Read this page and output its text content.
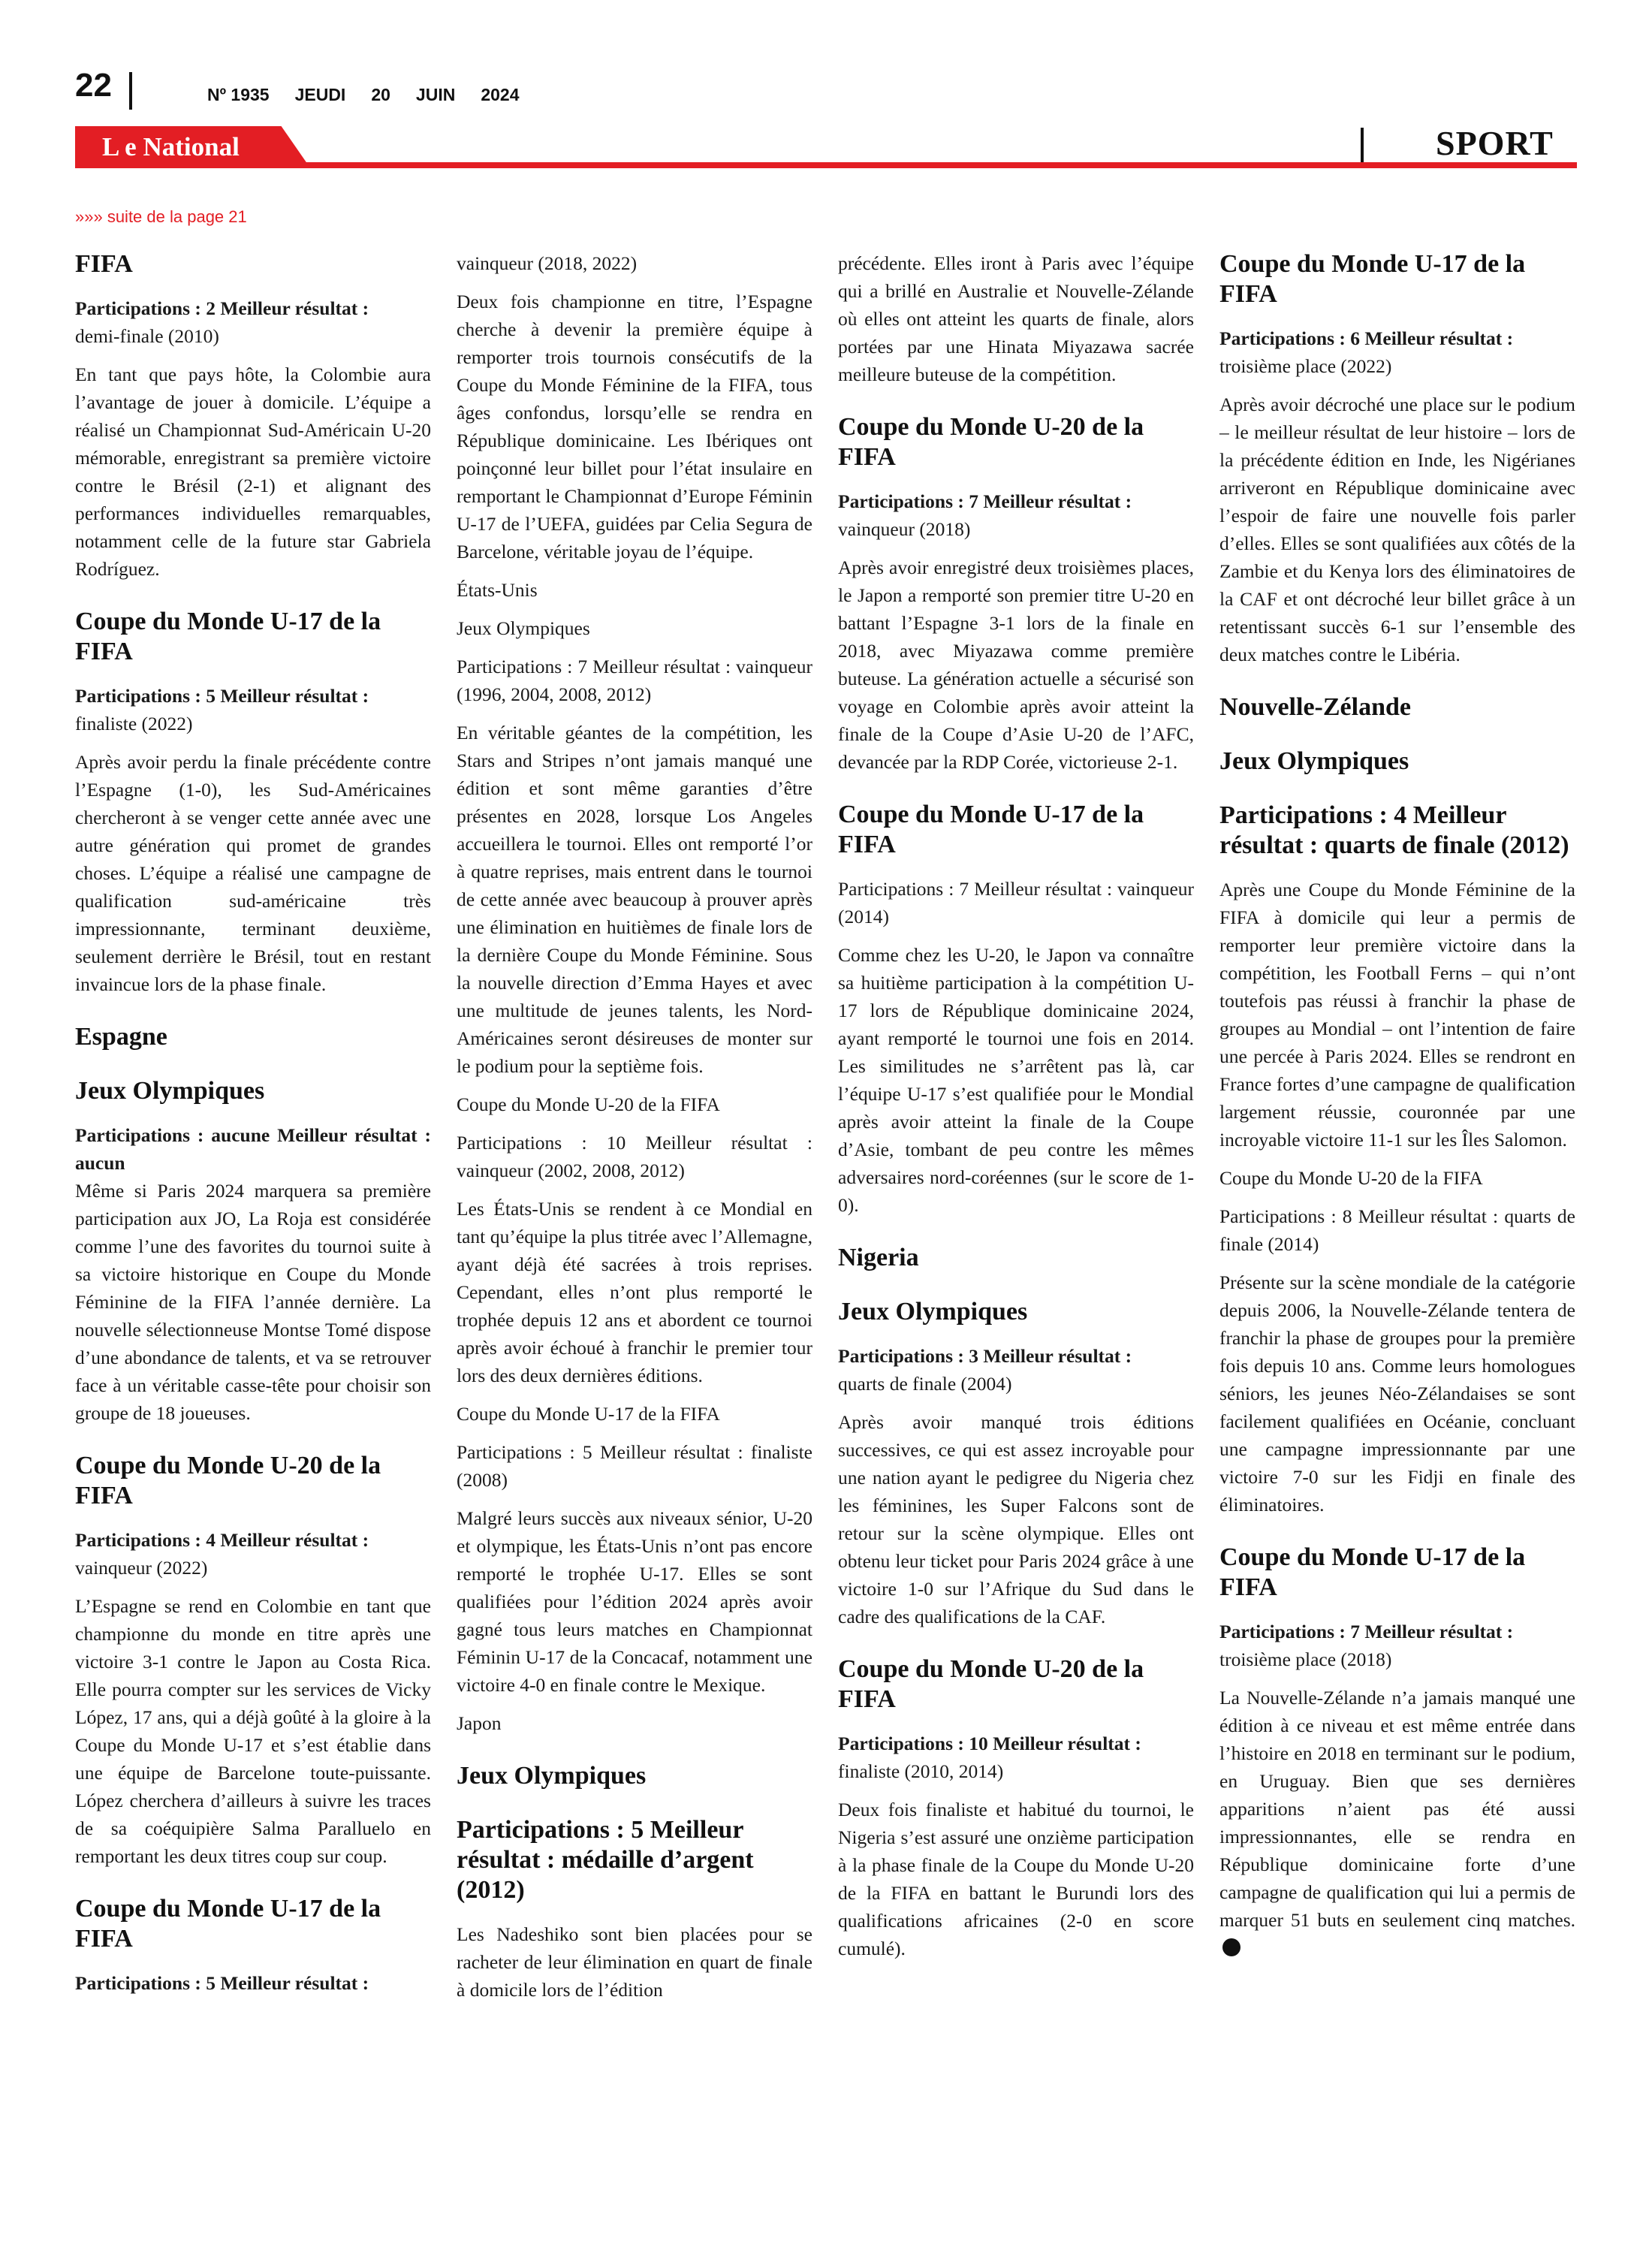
22	Nº 1935 JEUDI 20 JUIN 2024
L e National	SPORT
»»» suite de la page 21
FIFA

Participations : 2 Meilleur résultat :

demi-finale (2010)

En tant que pays hôte, la Colombie aura l’avantage de jouer à domicile. L’équipe a réalisé un Championnat Sud-Américain U-20 mémorable, enregistrant sa première victoire contre le Brésil (2-1) et alignant des performances individuelles remarquables, notamment celle de la future star Gabriela Rodríguez.

Coupe du Monde U-17 de la FIFA

Participations : 5 Meilleur résultat :

finaliste (2022)

Après avoir perdu la finale précédente contre l’Espagne (1-0), les Sud-Américaines chercheront à se venger cette année avec une autre génération qui promet de grandes choses. L’équipe a réalisé une campagne de qualification sud-américaine très impressionnante, terminant deuxième, seulement derrière le Brésil, tout en restant invaincue lors de la phase finale.

Espagne
Jeux Olympiques

Participations : aucune Meilleur résultat : aucun

Même si Paris 2024 marquera sa première participation aux JO, La Roja est considérée comme l’une des favorites du tournoi suite à sa victoire historique en Coupe du Monde Féminine de la FIFA l’année dernière. La nouvelle sélectionneuse Montse Tomé dispose d’une abondance de talents, et va se retrouver face à un véritable casse-tête pour choisir son groupe de 18 joueuses.

Coupe du Monde U-20 de la FIFA

Participations : 4 Meilleur résultat :

vainqueur (2022)

L’Espagne se rend en Colombie en tant que championne du monde en titre après une victoire 3-1 contre le Japon au Costa Rica. Elle pourra compter sur les services de Vicky López, 17 ans, qui a déjà goûté à la gloire à la Coupe du Monde U-17 et s’est établie dans une équipe de Barcelone toute-puissante. López cherchera d’ailleurs à suivre les traces de sa coéquipière Salma Paralluelo en remportant les deux titres coup sur coup.

Coupe du Monde U-17 de la FIFA

Participations : 5 Meilleur résultat :

vainqueur (2018, 2022)

Deux fois championne en titre, l’Espagne cherche à devenir la première équipe à remporter trois tournois consécutifs de la Coupe du Monde Féminine de la FIFA, tous âges confondus, lorsqu’elle se rendra en République dominicaine. Les Ibériques ont poinçonné leur billet pour l’état insulaire en remportant le Championnat d’Europe Féminin U-17 de l’UEFA, guidées par Celia Segura de Barcelone, véritable joyau de l’équipe.

États-Unis

Jeux Olympiques

Participations : 7 Meilleur résultat : vainqueur (1996, 2004, 2008, 2012)

En véritable géantes de la compétition, les Stars and Stripes n’ont jamais manqué une édition et sont même garanties d’être présentes en 2028, lorsque Los Angeles accueillera le tournoi. Elles ont remporté l’or à quatre reprises, mais entrent dans le tournoi de cette année avec beaucoup à prouver après une élimination en huitièmes de finale lors de la dernière Coupe du Monde Féminine. Sous la nouvelle direction d’Emma Hayes et avec une multitude de jeunes talents, les Nord-Américaines seront désireuses de monter sur le podium pour la septième fois.

Coupe du Monde U-20 de la FIFA

Participations : 10 Meilleur résultat : vainqueur (2002, 2008, 2012)

Les États-Unis se rendent à ce Mondial en tant qu’équipe la plus titrée avec l’Allemagne, ayant déjà été sacrées à trois reprises. Cependant, elles n’ont plus remporté le trophée depuis 12 ans et abordent ce tournoi après avoir échoué à franchir le premier tour lors des deux dernières éditions.

Coupe du Monde U-17 de la FIFA

Participations : 5 Meilleur résultat : finaliste (2008)

Malgré leurs succès aux niveaux sénior, U-20 et olympique, les États-Unis n’ont pas encore remporté le trophée U-17. Elles se sont qualifiées pour l’édition 2024 après avoir gagné tous leurs matches en Championnat Féminin U-17 de la Concacaf, notamment une victoire 4-0 en finale contre le Mexique.

Japon

Jeux Olympiques
Participations : 5 Meilleur résultat : médaille d’argent (2012)

Les Nadeshiko sont bien placées pour se racheter de leur élimination en quart de finale à domicile lors de l’édition

précédente. Elles iront à Paris avec l’équipe qui a brillé en Australie et Nouvelle-Zélande où elles ont atteint les quarts de finale, alors portées par une Hinata Miyazawa sacrée meilleure buteuse de la compétition.

Coupe du Monde U-20 de la FIFA

Participations : 7 Meilleur résultat :

vainqueur (2018)

Après avoir enregistré deux troisièmes places, le Japon a remporté son premier titre U-20 en battant l’Espagne 3-1 lors de la finale en 2018, avec Miyazawa comme première buteuse. La génération actuelle a sécurisé son voyage en Colombie après avoir atteint la finale de la Coupe d’Asie U-20 de l’AFC, devancée par la RDP Corée, victorieuse 2-1.

Coupe du Monde U-17 de la FIFA

Participations : 7 Meilleur résultat : vainqueur (2014)

Comme chez les U-20, le Japon va connaître sa huitième participation à la compétition U-17 lors de République dominicaine 2024, ayant remporté le tournoi une fois en 2014. Les similitudes ne s’arrêtent pas là, car l’équipe U-17 s’est qualifiée pour le Mondial après avoir atteint la finale de la Coupe d’Asie, tombant de peu contre les mêmes adversaires nord-coréennes (sur le score de 1-0).

Nigeria
Jeux Olympiques

Participations : 3 Meilleur résultat :

quarts de finale (2004)

Après avoir manqué trois éditions successives, ce qui est assez incroyable pour une nation ayant le pedigree du Nigeria chez les féminines, les Super Falcons sont de retour sur la scène olympique. Elles ont obtenu leur ticket pour Paris 2024 grâce à une victoire 1-0 sur l’Afrique du Sud dans le cadre des qualifications de la CAF.

Coupe du Monde U-20 de la FIFA

Participations : 10 Meilleur résultat :

finaliste (2010, 2014)

Deux fois finaliste et habitué du tournoi, le Nigeria s’est assuré une onzième participation à la phase finale de la Coupe du Monde U-20 de la FIFA en battant le Burundi lors des qualifications africaines (2-0 en score cumulé).

Coupe du Monde U-17 de la FIFA

Participations : 6 Meilleur résultat :

troisième place (2022)

Après avoir décroché une place sur le podium – le meilleur résultat de leur histoire – lors de la précédente édition en Inde, les Nigérianes arriveront en République dominicaine avec l’espoir de faire une nouvelle fois parler d’elles. Elles se sont qualifiées aux côtés de la Zambie et du Kenya lors des éliminatoires de la CAF et ont décroché leur billet grâce à un retentissant succès 6-1 sur l’ensemble des deux matches contre le Libéria.

Nouvelle-Zélande
Jeux Olympiques
Participations : 4 Meilleur résultat : quarts de finale (2012)

Après une Coupe du Monde Féminine de la FIFA à domicile qui leur a permis de remporter leur première victoire dans la compétition, les Football Ferns – qui n’ont toutefois pas réussi à franchir la phase de groupes au Mondial – ont l’intention de faire une percée à Paris 2024. Elles se rendront en France fortes d’une campagne de qualification largement réussie, couronnée par une incroyable victoire 11-1 sur les Îles Salomon.

Coupe du Monde U-20 de la FIFA

Participations : 8 Meilleur résultat : quarts de finale (2014)

Présente sur la scène mondiale de la catégorie depuis 2006, la Nouvelle-Zélande tentera de franchir la phase de groupes pour la première fois depuis 10 ans. Comme leurs homologues séniors, les jeunes Néo-Zélandaises se sont facilement qualifiées en Océanie, concluant une campagne impressionnante par une victoire 7-0 sur les Fidji en finale des éliminatoires.

Coupe du Monde U-17 de la FIFA

Participations : 7 Meilleur résultat :

troisième place (2018)

La Nouvelle-Zélande n’a jamais manqué une édition à ce niveau et est même entrée dans l’histoire en 2018 en terminant sur le podium, en Uruguay. Bien que ses dernières apparitions n’aient pas été aussi impressionnantes, elle se rendra en République dominicaine forte d’une campagne de qualification qui lui a permis de marquer 51 buts en seulement cinq matches.
